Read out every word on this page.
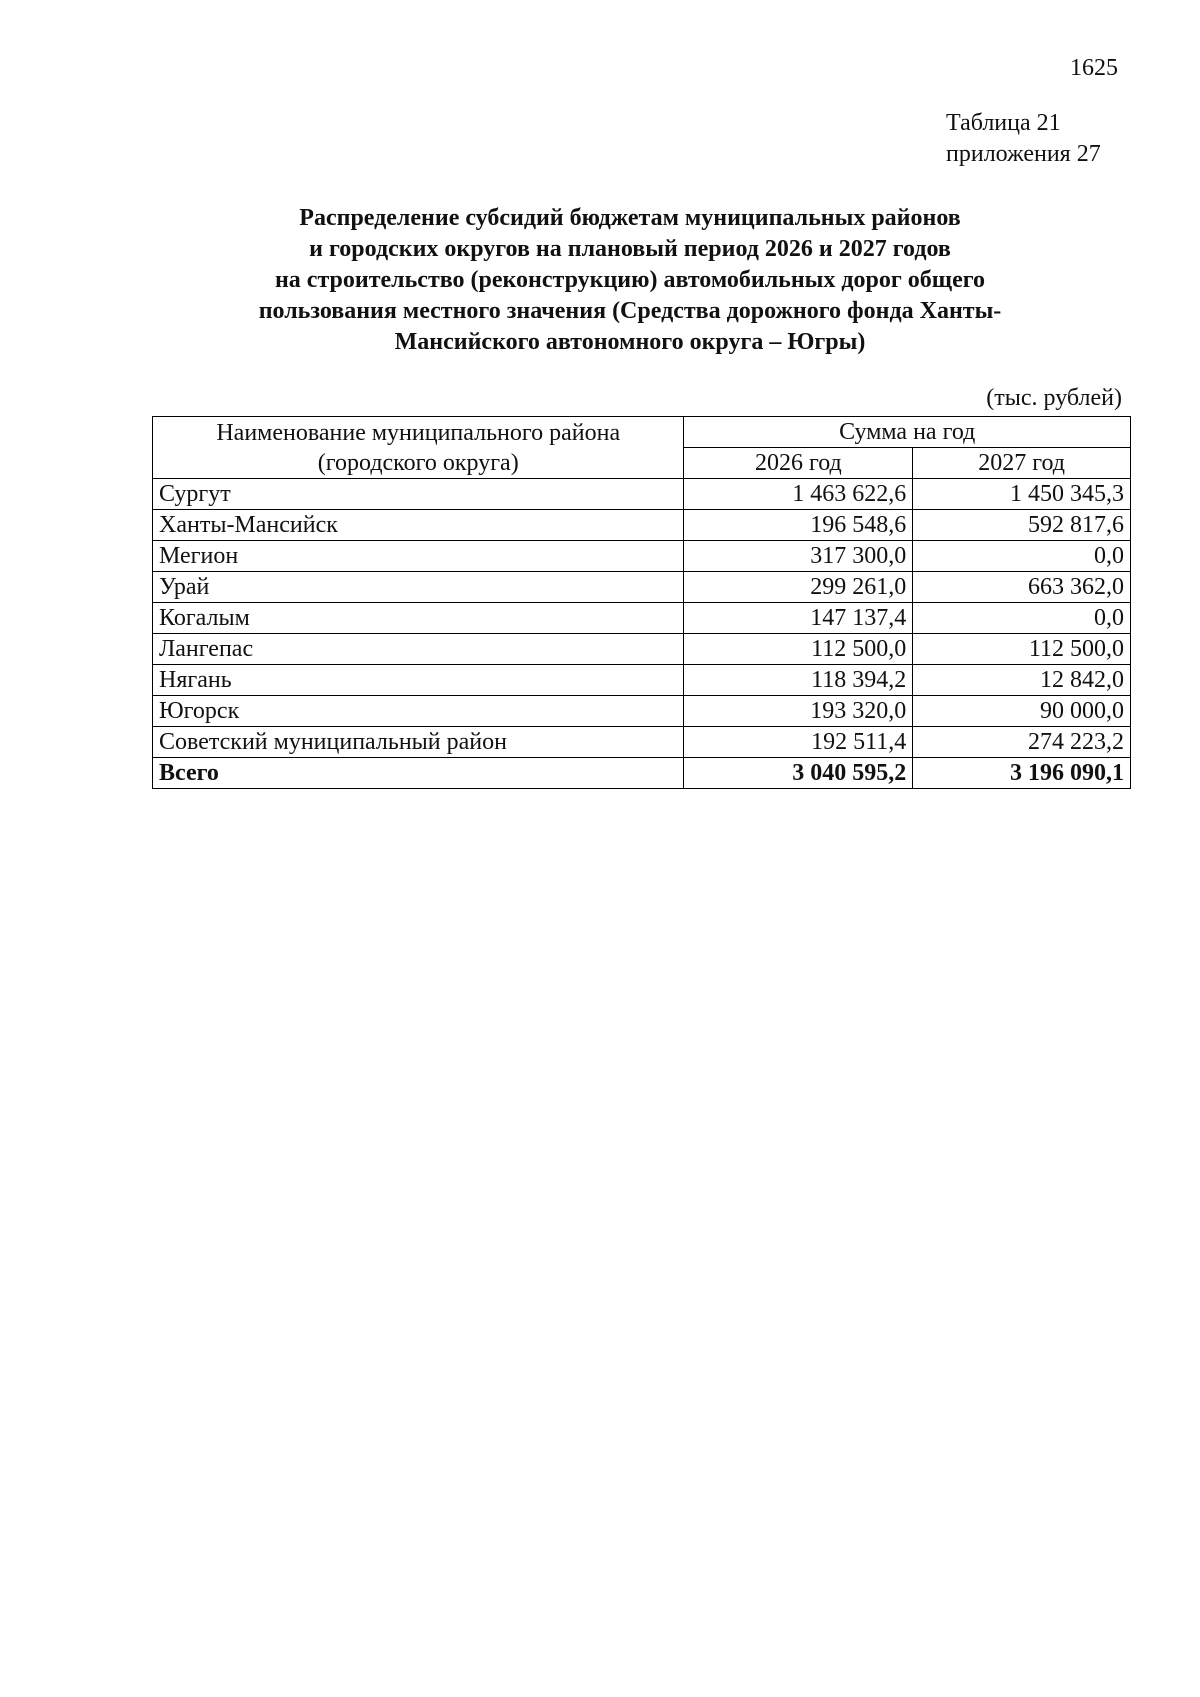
1625
Таблица 21
приложения 27
Распределение субсидий бюджетам муниципальных районов
и городских округов на плановый период 2026 и 2027 годов
на строительство (реконструкцию) автомобильных дорог общего
пользования местного значения (Средства дорожного фонда Ханты-
Мансийского автономного округа – Югры)
(тыс. рублей)
Наименование муниципального района
(городского округа)	Сумма на год	
	2026 год	2027 год
Сургут	1 463 622,6	1 450 345,3
Ханты-Мансийск	196 548,6	592 817,6
Мегион	317 300,0	0,0
Урай	299 261,0	663 362,0
Когалым	147 137,4	0,0
Лангепас	112 500,0	112 500,0
Нягань	118 394,2	12 842,0
Югорск	193 320,0	90 000,0
Советский муниципальный район	192 511,4	274 223,2
Всего	3 040 595,2	3 196 090,1
